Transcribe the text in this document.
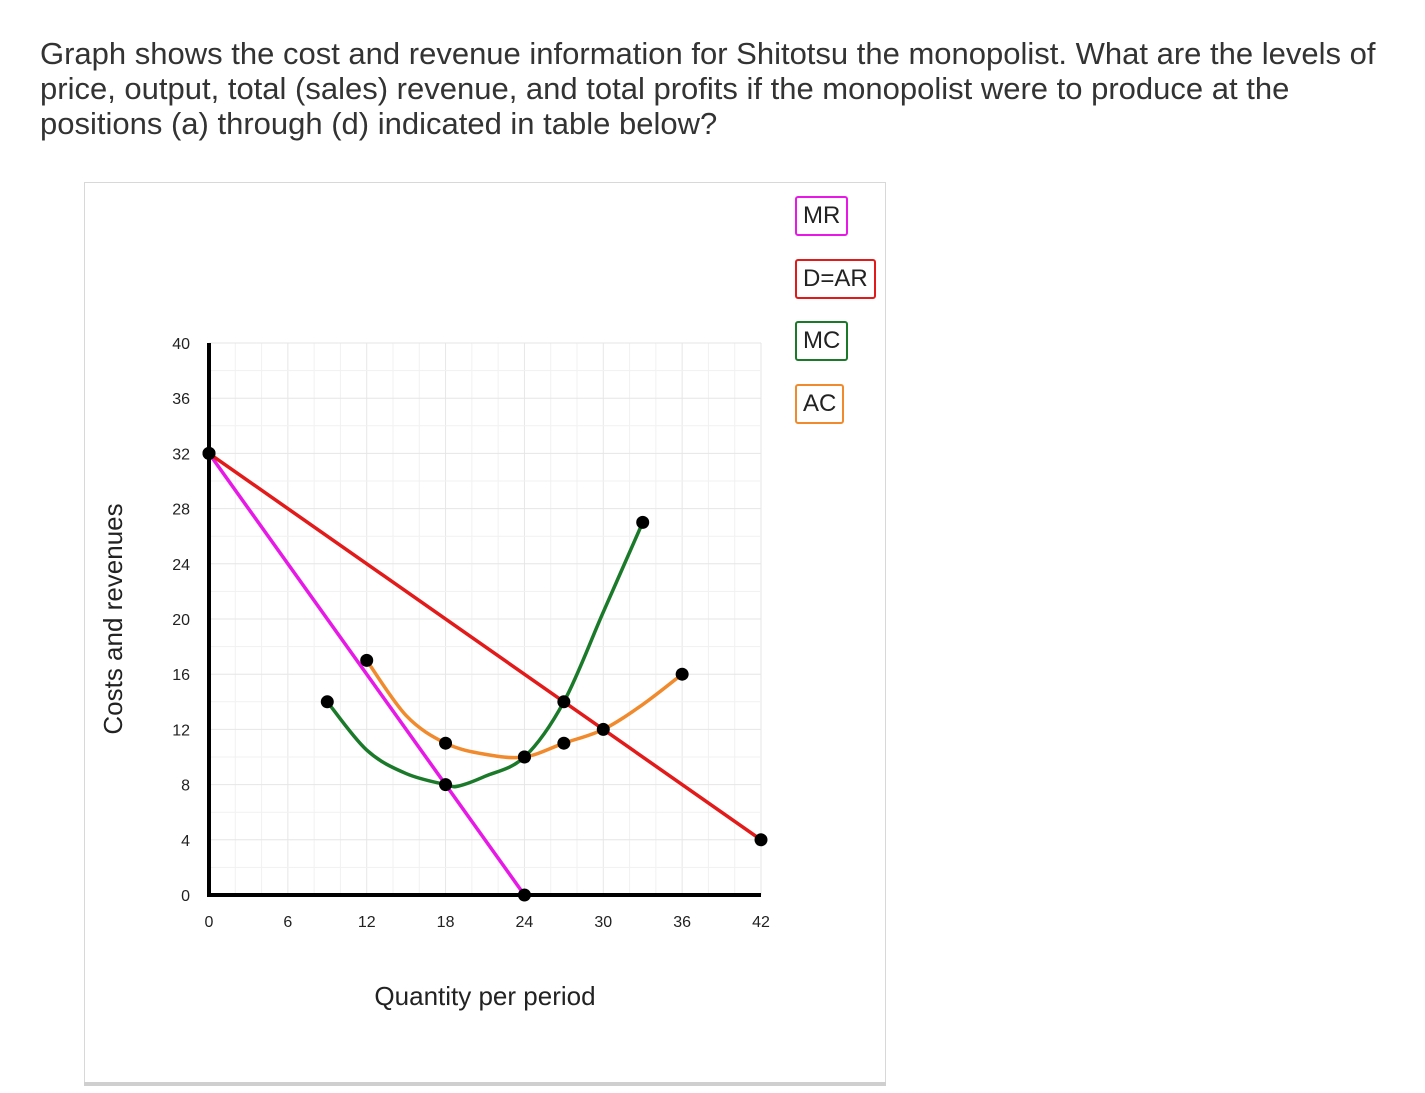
Graph shows the cost and revenue information for Shitotsu the monopolist. What are the levels of price, output, total (sales) revenue, and total profits if the monopolist were to produce at the positions (a) through (d) indicated in table below?

0	6	12	18	24	30	36	42
0
4
8
12
16
20
24
28
32
36
40
Quantity per period
Costs and revenues
MR
D=AR
MC
AC
